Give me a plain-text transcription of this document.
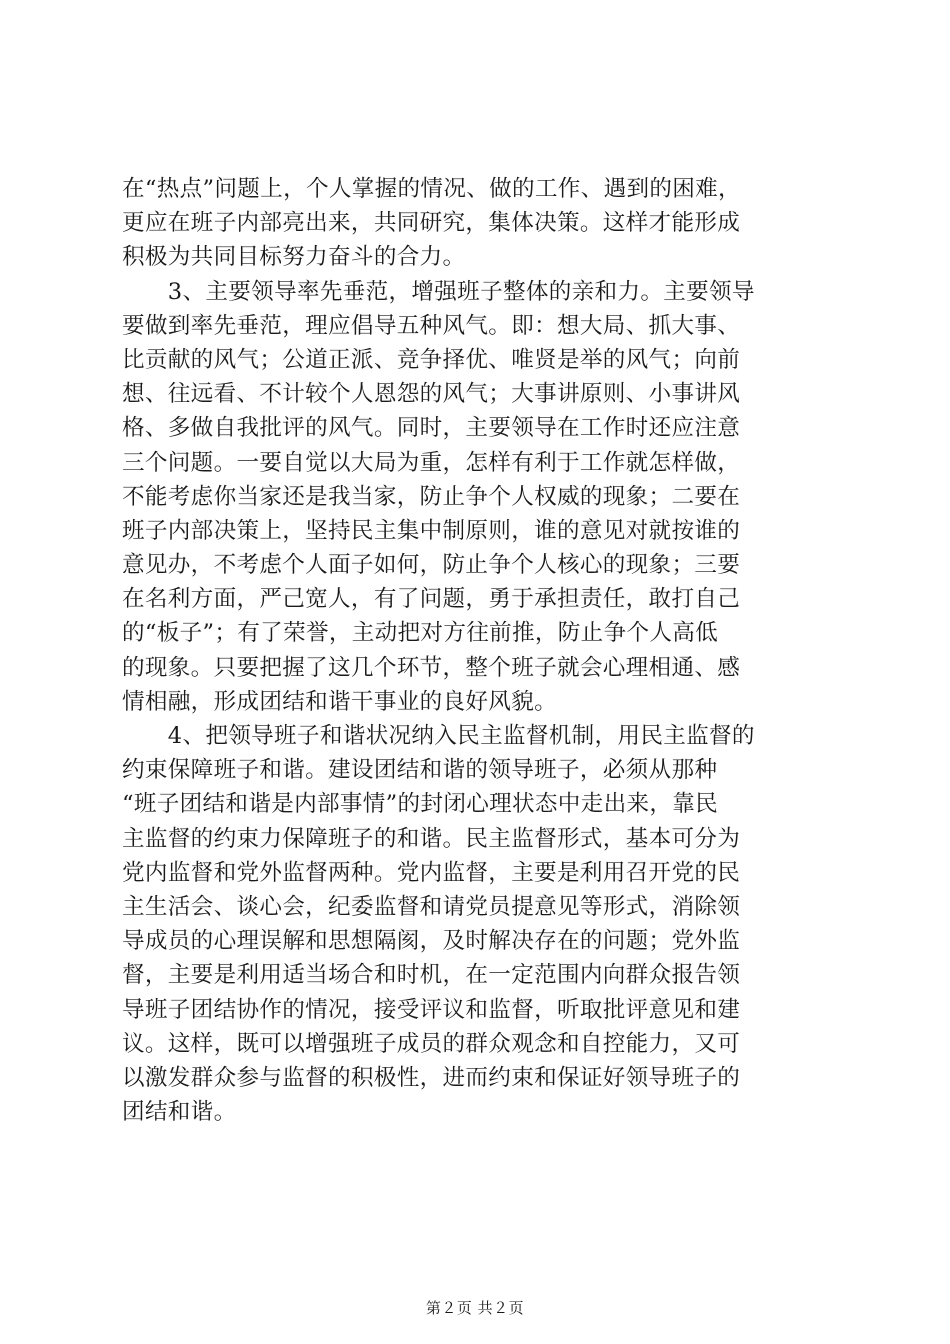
在“热点”问题上，个人掌握的情况、做的工作、遇到的困难，
更应在班子内部亮出来，共同研究，集体决策。这样才能形成
积极为共同目标努力奋斗的合力。
　　3、主要领导率先垂范，增强班子整体的亲和力。主要领导
要做到率先垂范，理应倡导五种风气。即：想大局、抓大事、
比贡献的风气；公道正派、竞争择优、唯贤是举的风气；向前
想、往远看、不计较个人恩怨的风气；大事讲原则、小事讲风
格、多做自我批评的风气。同时，主要领导在工作时还应注意
三个问题。一要自觉以大局为重，怎样有利于工作就怎样做，
不能考虑你当家还是我当家，防止争个人权威的现象；二要在
班子内部决策上，坚持民主集中制原则，谁的意见对就按谁的
意见办，不考虑个人面子如何，防止争个人核心的现象；三要
在名利方面，严己宽人，有了问题，勇于承担责任，敢打自己
的“板子”；有了荣誉，主动把对方往前推，防止争个人高低
的现象。只要把握了这几个环节，整个班子就会心理相通、感
情相融，形成团结和谐干事业的良好风貌。
　　4、把领导班子和谐状况纳入民主监督机制，用民主监督的
约束保障班子和谐。建设团结和谐的领导班子，必须从那种
“班子团结和谐是内部事情”的封闭心理状态中走出来，靠民
主监督的约束力保障班子的和谐。民主监督形式，基本可分为
党内监督和党外监督两种。党内监督，主要是利用召开党的民
主生活会、谈心会，纪委监督和请党员提意见等形式，消除领
导成员的心理误解和思想隔阂，及时解决存在的问题；党外监
督，主要是利用适当场合和时机，在一定范围内向群众报告领
导班子团结协作的情况，接受评议和监督，听取批评意见和建
议。这样，既可以增强班子成员的群众观念和自控能力，又可
以激发群众参与监督的积极性，进而约束和保证好领导班子的
团结和谐。
第２页 共２页
